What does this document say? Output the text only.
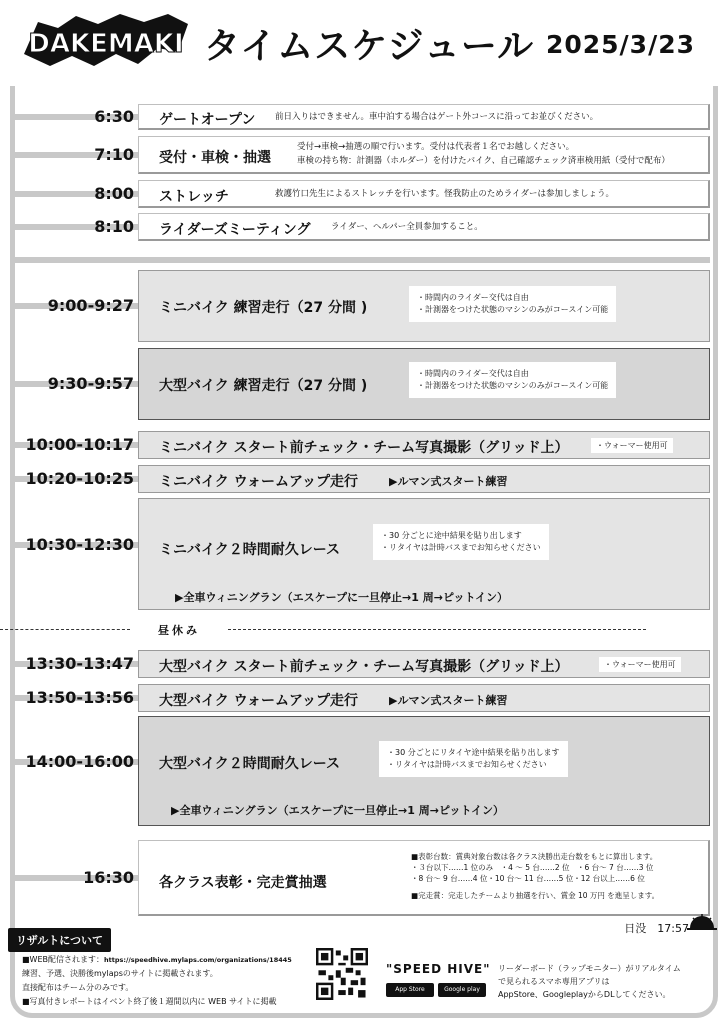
DAKEMAKI タイムスケジュール 2025/3/23
6:30 ゲートオープン 前日入りはできません。車中泊する場合はゲート外コースに沿ってお並びください。
7:10 受付・車検・抽選
受付→車検→抽選の順で行います。受付は代表者１名でお越しください。
車検の持ち物：計測器（ホルダー）を付けたバイク、自己確認チェック済車検用紙（受付で配布）
8:00 ストレッチ	救護竹口先生によるストレッチを行います。怪我防止のためライダーは参加しましょう。
8:10 ライダーズミーティング ライダー、ヘルパー全員参加すること。
9:00-9:27 ミニバイク 練習走行（27 分間 )
・時間内のライダー交代は自由
・計測器をつけた状態のマシンのみがコースイン可能
9:30-9:57 大型バイク 練習走行（27 分間 )
・時間内のライダー交代は自由
・計測器をつけた状態のマシンのみがコースイン可能
10:00-10:17 ミニバイク スタート前チェック・チーム写真撮影（グリッド上）	・ウォーマー使用可
10:20-10:25 ミニバイク ウォームアップ走行	▶ルマン式スタート練習
10:30-12:30 ミニバイク２時間耐久レース
・30 分ごとに途中結果を貼り出します
・リタイヤは計時バスまでお知らせください
▶全車ウィニングラン（エスケープに一旦停止→1 周→ピットイン）
昼休み
13:30-13:47 大型バイク スタート前チェック・チーム写真撮影（グリッド上）	・ウォーマー使用可
13:50-13:56 大型バイク ウォームアップ走行	▶ルマン式スタート練習
14:00-16:00 大型バイク２時間耐久レース
・30 分ごとにリタイヤ途中結果を貼り出します
・リタイヤは計時バスまでお知らせください
▶全車ウィニングラン（エスケープに一旦停止→1 周→ピットイン）
16:30 各クラス表彰・完走賞抽選
■表彰台数：賞典対象台数は各クラス決勝出走台数をもとに算出します。
・３台以下……1 位のみ　・4 ～ 5 台……2 位　・6 台～ 7 台……3 位
・8 台～ 9 台……4 位・10 台～ 11 台……5 位・12 台以上……6 位
■完走賞：完走したチームより抽選を行い、賞金 10 万円 を進呈します。
日没　17:57
リザルトについて
■WEB配信されます：https://speedhive.mylaps.com/organizations/18445
練習、予選、決勝後mylapsのサイトに掲載されます。
直接配布はチーム分のみです。
■写真付きレポートはイベント終了後１週間以内に WEB サイトに掲載
"SPEED HIVE"
App Store	Google play
リーダーボード（ラップモニター）がリアルタイム
で見られるスマホ専用アプリは
AppStore、GoogleplayからDLしてください。
